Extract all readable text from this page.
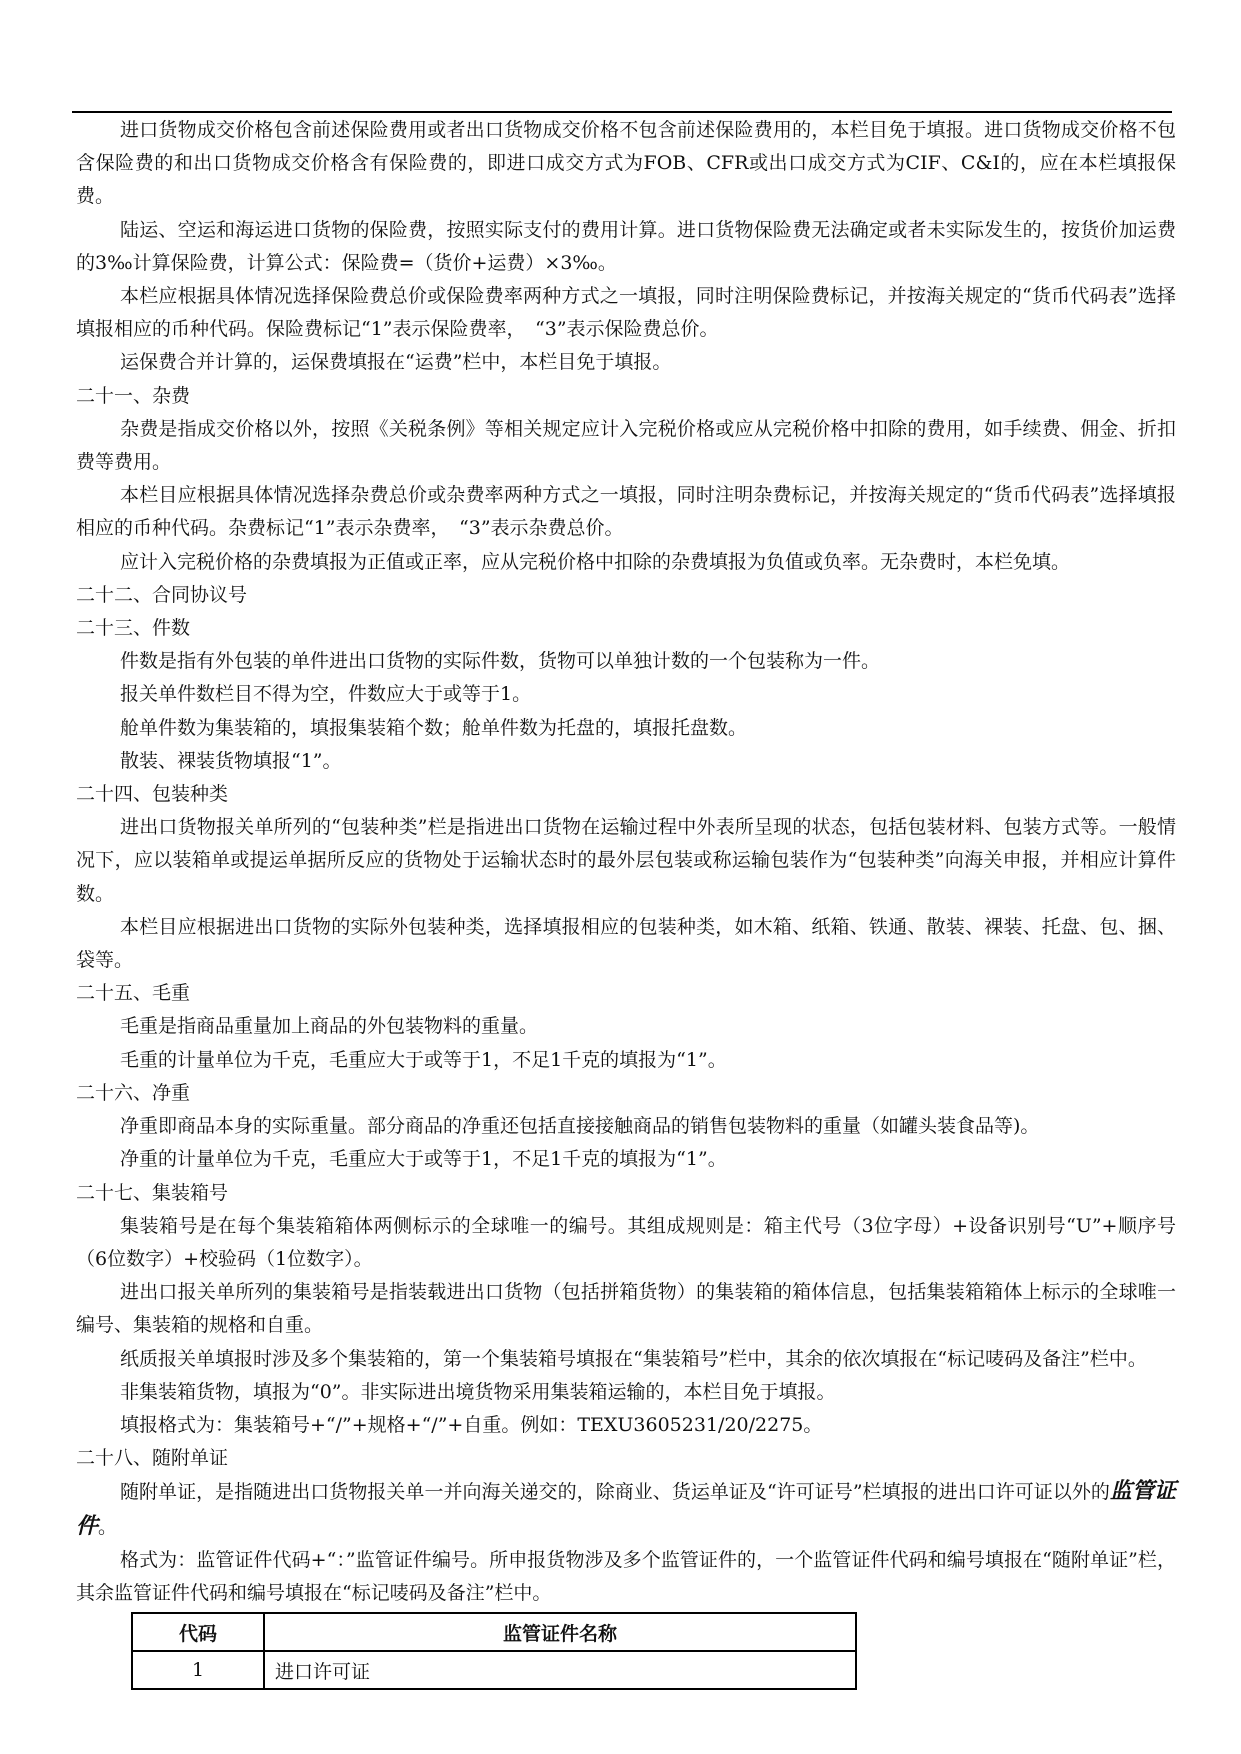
进口货物成交价格包含前述保险费用或者出口货物成交价格不包含前述保险费用的，本栏目免于填报。进口货物成交价格不包含保险费的和出口货物成交价格含有保险费的，即进口成交方式为FOB、CFR或出口成交方式为CIF、C&I的，应在本栏填报保费。

陆运、空运和海运进口货物的保险费，按照实际支付的费用计算。进口货物保险费无法确定或者未实际发生的，按货价加运费的3‰计算保险费，计算公式：保险费=（货价+运费）×3‰。

本栏应根据具体情况选择保险费总价或保险费率两种方式之一填报，同时注明保险费标记，并按海关规定的“货币代码表”选择填报相应的币种代码。保险费标记“1”表示保险费率，　“3”表示保险费总价。

运保费合并计算的，运保费填报在“运费”栏中，本栏目免于填报。

二十一、杂费

杂费是指成交价格以外，按照《关税条例》等相关规定应计入完税价格或应从完税价格中扣除的费用，如手续费、佣金、折扣费等费用。

本栏目应根据具体情况选择杂费总价或杂费率两种方式之一填报，同时注明杂费标记，并按海关规定的“货币代码表”选择填报相应的币种代码。杂费标记“1”表示杂费率，　“3”表示杂费总价。

应计入完税价格的杂费填报为正值或正率，应从完税价格中扣除的杂费填报为负值或负率。无杂费时，本栏免填。

二十二、合同协议号

二十三、件数

件数是指有外包装的单件进出口货物的实际件数，货物可以单独计数的一个包装称为一件。

报关单件数栏目不得为空，件数应大于或等于1。

舱单件数为集装箱的，填报集装箱个数；舱单件数为托盘的，填报托盘数。

散装、裸装货物填报“1”。

二十四、包装种类

进出口货物报关单所列的“包装种类”栏是指进出口货物在运输过程中外表所呈现的状态，包括包装材料、包装方式等。一般情况下，应以装箱单或提运单据所反应的货物处于运输状态时的最外层包装或称运输包装作为“包装种类”向海关申报，并相应计算件数。

本栏目应根据进出口货物的实际外包装种类，选择填报相应的包装种类，如木箱、纸箱、铁通、散装、裸装、托盘、包、捆、袋等。

二十五、毛重

毛重是指商品重量加上商品的外包装物料的重量。

毛重的计量单位为千克，毛重应大于或等于1，不足1千克的填报为“1”。

二十六、净重

净重即商品本身的实际重量。部分商品的净重还包括直接接触商品的销售包装物料的重量（如罐头装食品等)。

净重的计量单位为千克，毛重应大于或等于1，不足1千克的填报为“1”。

二十七、集装箱号

集装箱号是在每个集装箱箱体两侧标示的全球唯一的编号。其组成规则是：箱主代号（3位字母）+设备识别号“U”+顺序号（6位数字）+校验码（1位数字）。

进出口报关单所列的集装箱号是指装载进出口货物（包括拼箱货物）的集装箱的箱体信息，包括集装箱箱体上标示的全球唯一编号、集装箱的规格和自重。

纸质报关单填报时涉及多个集装箱的，第一个集装箱号填报在“集装箱号”栏中，其余的依次填报在“标记唛码及备注”栏中。

非集装箱货物，填报为“0”。非实际进出境货物采用集装箱运输的，本栏目免于填报。

填报格式为：集装箱号+“/”+规格+“/”+自重。例如：TEXU3605231/20/2275。

二十八、随附单证

随附单证，是指随进出口货物报关单一并向海关递交的，除商业、货运单证及“许可证号”栏填报的进出口许可证以外的监管证件。

格式为：监管证件代码+“：”监管证件编号。所申报货物涉及多个监管证件的，一个监管证件代码和编号填报在“随附单证”栏，其余监管证件代码和编号填报在“标记唛码及备注”栏中。

代码	监管证件名称
1	进口许可证
